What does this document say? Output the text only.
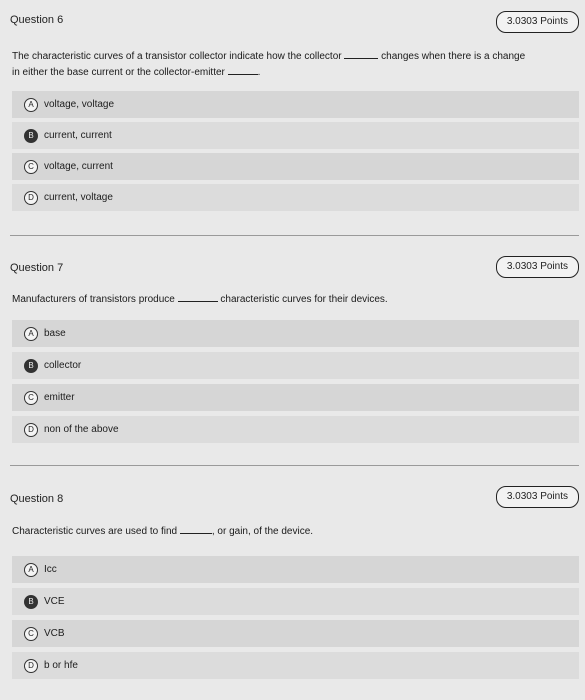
Question 6	3.0303 Points
The characteristic curves of a transistor collector indicate how the collector	changes when there is a change
in either the base current or the collector-emitter	.
A	voltage, voltage
B	current, current
C	voltage, current
D	current, voltage
Question 7	3.0303 Points
Manufacturers of transistors produce	characteristic curves for their devices.
A	base
B	collector
C	emitter
D	non of the above
Question 8	3.0303 Points
Characteristic curves are used to find	, or gain, of the device.
A	Icc
B	VCE
C	VCB
D	b or hfe
